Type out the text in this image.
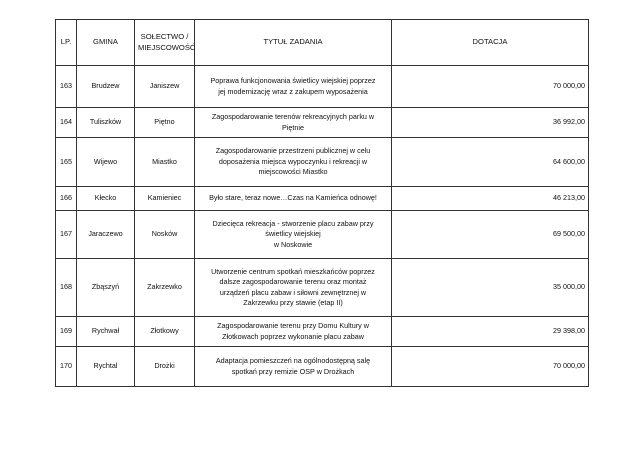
LP.	GMINA	SOŁECTWO /
MIEJSCOWOŚĆ	TYTUŁ ZADANIA	DOTACJA
163	Brudzew	Janiszew	Poprawa funkcjonowania świetlicy wiejskiej poprzez
jej modernizację wraz z zakupem wyposażenia	70 000,00
164	Tuliszków	Piętno	Zagospodarowanie terenów rekreacyjnych parku w
Piętnie	36 992,00
165	Wijewo	Miastko	Zagospodarowanie przestrzeni publicznej w celu
doposażenia miejsca wypoczynku i rekreacji w
miejscowości Miastko	64 600,00
166	Kłecko	Kamieniec	Było stare, teraz nowe…Czas na Kamieńca odnowę!	46 213,00
167	Jaraczewo	Nosków	Dziecięca rekreacja - stworzenie placu zabaw przy
świetlicy wiejskiej
w Noskowie	69 500,00
168	Zbąszyń	Zakrzewko	Utworzenie centrum spotkań mieszkańców poprzez
dalsze zagospodarowanie terenu oraz montaż
urządzeń placu zabaw i siłowni zewnętrznej w
Zakrzewku przy stawie (etap II)	35 000,00
169	Rychwał	Złotkowy	Zagospodarowanie terenu przy Domu Kultury w
Złotkowach poprzez wykonanie placu zabaw	29 398,00
170	Rychtal	Drożki	Adaptacja pomieszczeń na ogólnodostępną salę
spotkań przy remizie OSP w Drożkach	70 000,00
